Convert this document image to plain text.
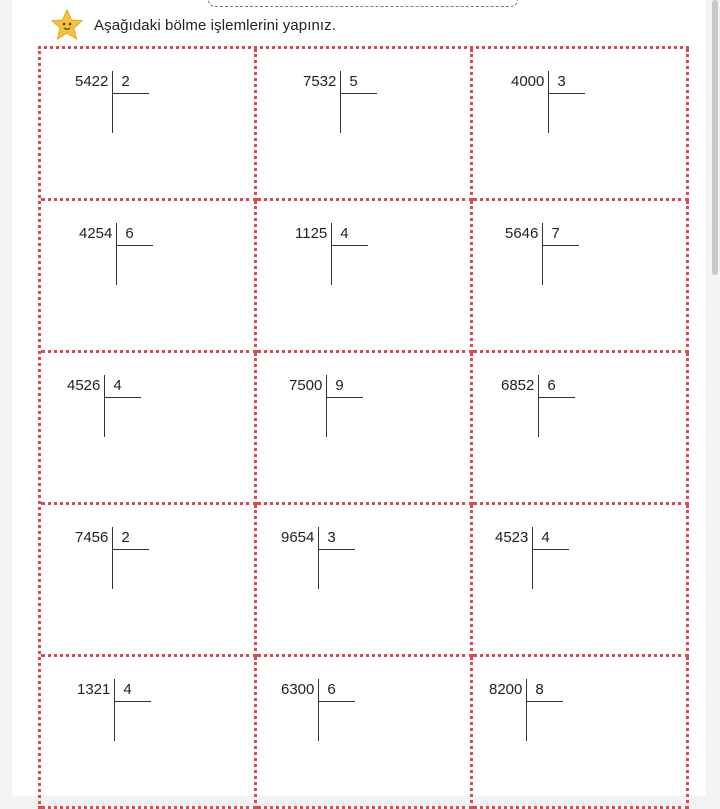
Aşağıdaki bölme işlemlerini yapınız.
5422 2	7532 5	4000 3
4254 6	1125 4	5646 7
4526 4	7500 9	6852 6
7456 2	9654 3	4523 4
1321 4	6300 6	8200 8
